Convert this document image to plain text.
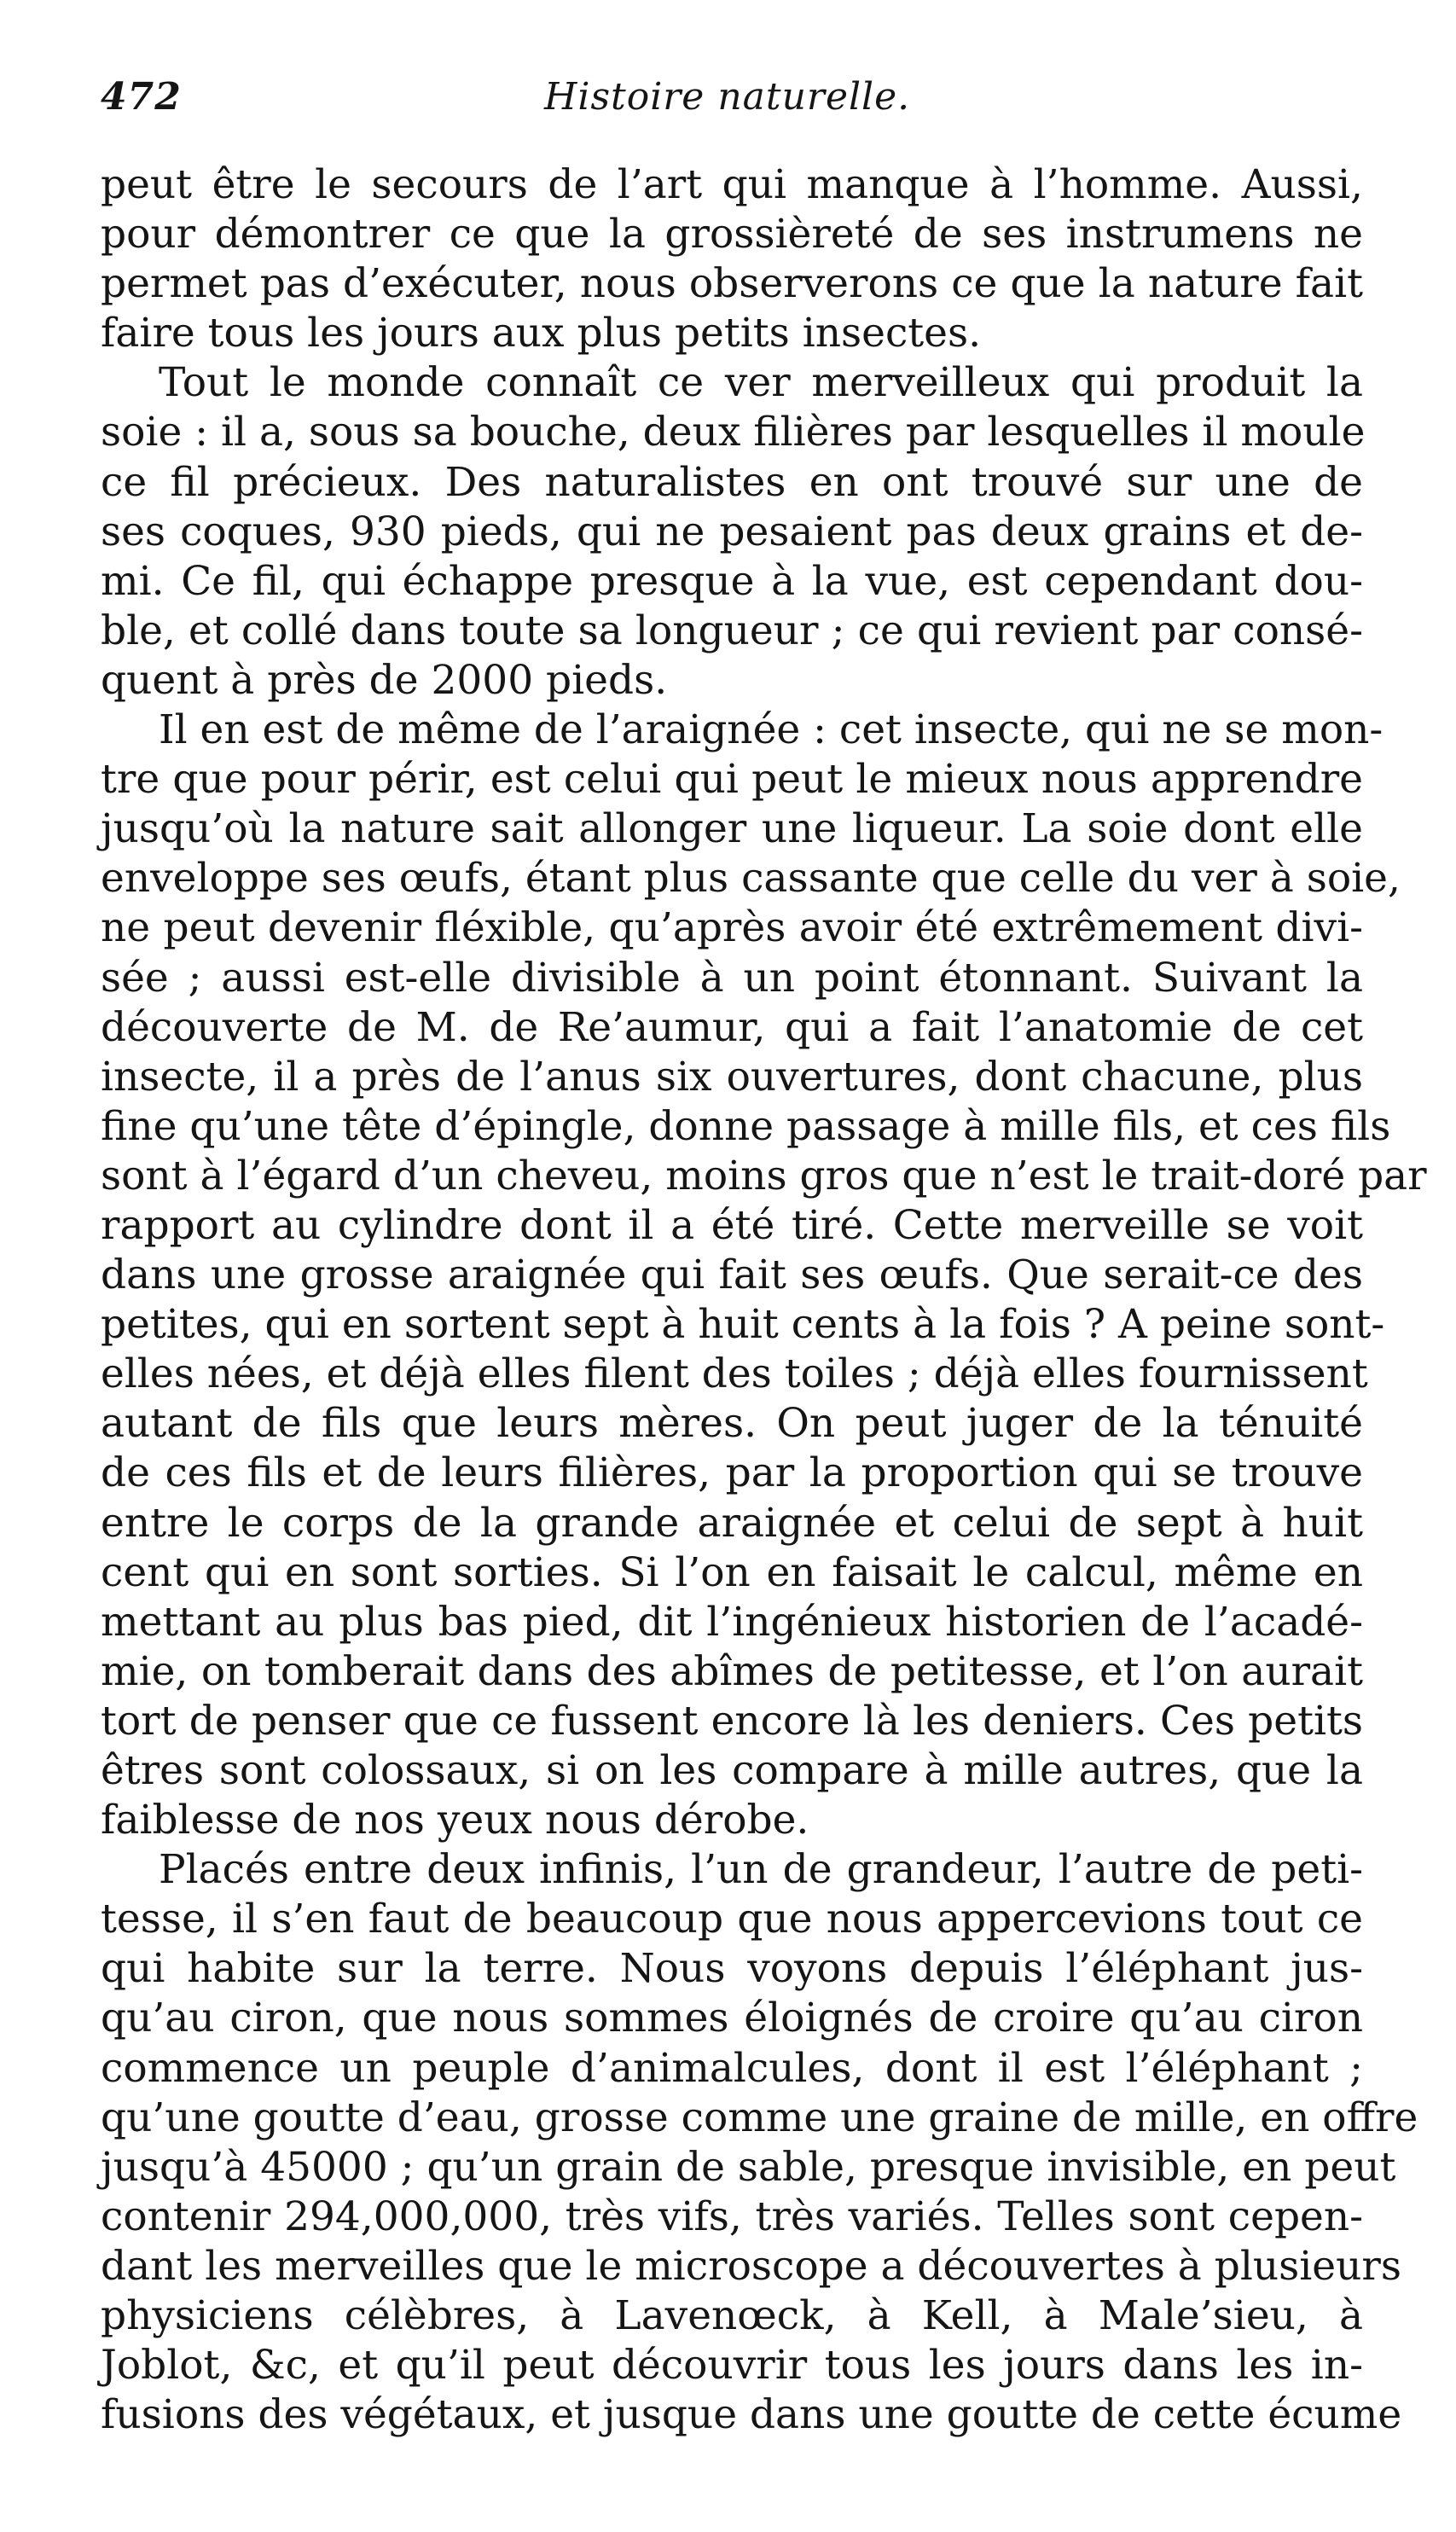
472	Histoire naturelle.
peut être le secours de l’art qui manque à l’homme. Aussi,
pour démontrer ce que la grossièreté de ses instrumens ne
permet pas d’exécuter, nous observerons ce que la nature fait
faire tous les jours aux plus petits insectes.
Tout le monde connaît ce ver merveilleux qui produit la
soie : il a, sous sa bouche, deux filières par lesquelles il moule
ce fil précieux. Des naturalistes en ont trouvé sur une de
ses coques, 930 pieds, qui ne pesaient pas deux grains et de-
mi. Ce fil, qui échappe presque à la vue, est cependant dou-
ble, et collé dans toute sa longueur ; ce qui revient par consé-
quent à près de 2000 pieds.
Il en est de même de l’araignée : cet insecte, qui ne se mon-
tre que pour périr, est celui qui peut le mieux nous apprendre
jusqu’où la nature sait allonger une liqueur. La soie dont elle
enveloppe ses œufs, étant plus cassante que celle du ver à soie,
ne peut devenir fléxible, qu’après avoir été extrêmement divi-
sée ; aussi est-elle divisible à un point étonnant. Suivant la
découverte de M. de Re’aumur, qui a fait l’anatomie de cet
insecte, il a près de l’anus six ouvertures, dont chacune, plus
fine qu’une tête d’épingle, donne passage à mille fils, et ces fils
sont à l’égard d’un cheveu, moins gros que n’est le trait-doré par
rapport au cylindre dont il a été tiré. Cette merveille se voit
dans une grosse araignée qui fait ses œufs. Que serait-ce des
petites, qui en sortent sept à huit cents à la fois ? A peine sont-
elles nées, et déjà elles filent des toiles ; déjà elles fournissent
autant de fils que leurs mères. On peut juger de la ténuité
de ces fils et de leurs filières, par la proportion qui se trouve
entre le corps de la grande araignée et celui de sept à huit
cent qui en sont sorties. Si l’on en faisait le calcul, même en
mettant au plus bas pied, dit l’ingénieux historien de l’acadé-
mie, on tomberait dans des abîmes de petitesse, et l’on aurait
tort de penser que ce fussent encore là les deniers. Ces petits
êtres sont colossaux, si on les compare à mille autres, que la
faiblesse de nos yeux nous dérobe.
Placés entre deux infinis, l’un de grandeur, l’autre de peti-
tesse, il s’en faut de beaucoup que nous appercevions tout ce
qui habite sur la terre. Nous voyons depuis l’éléphant jus-
qu’au ciron, que nous sommes éloignés de croire qu’au ciron
commence un peuple d’animalcules, dont il est l’éléphant ;
qu’une goutte d’eau, grosse comme une graine de mille, en offre
jusqu’à 45000 ; qu’un grain de sable, presque invisible, en peut
contenir 294,000,000, très vifs, très variés. Telles sont cepen-
dant les merveilles que le microscope a découvertes à plusieurs
physiciens célèbres, à Lavenœck, à Kell, à Male’sieu, à
Joblot, &c, et qu’il peut découvrir tous les jours dans les in-
fusions des végétaux, et jusque dans une goutte de cette écume
